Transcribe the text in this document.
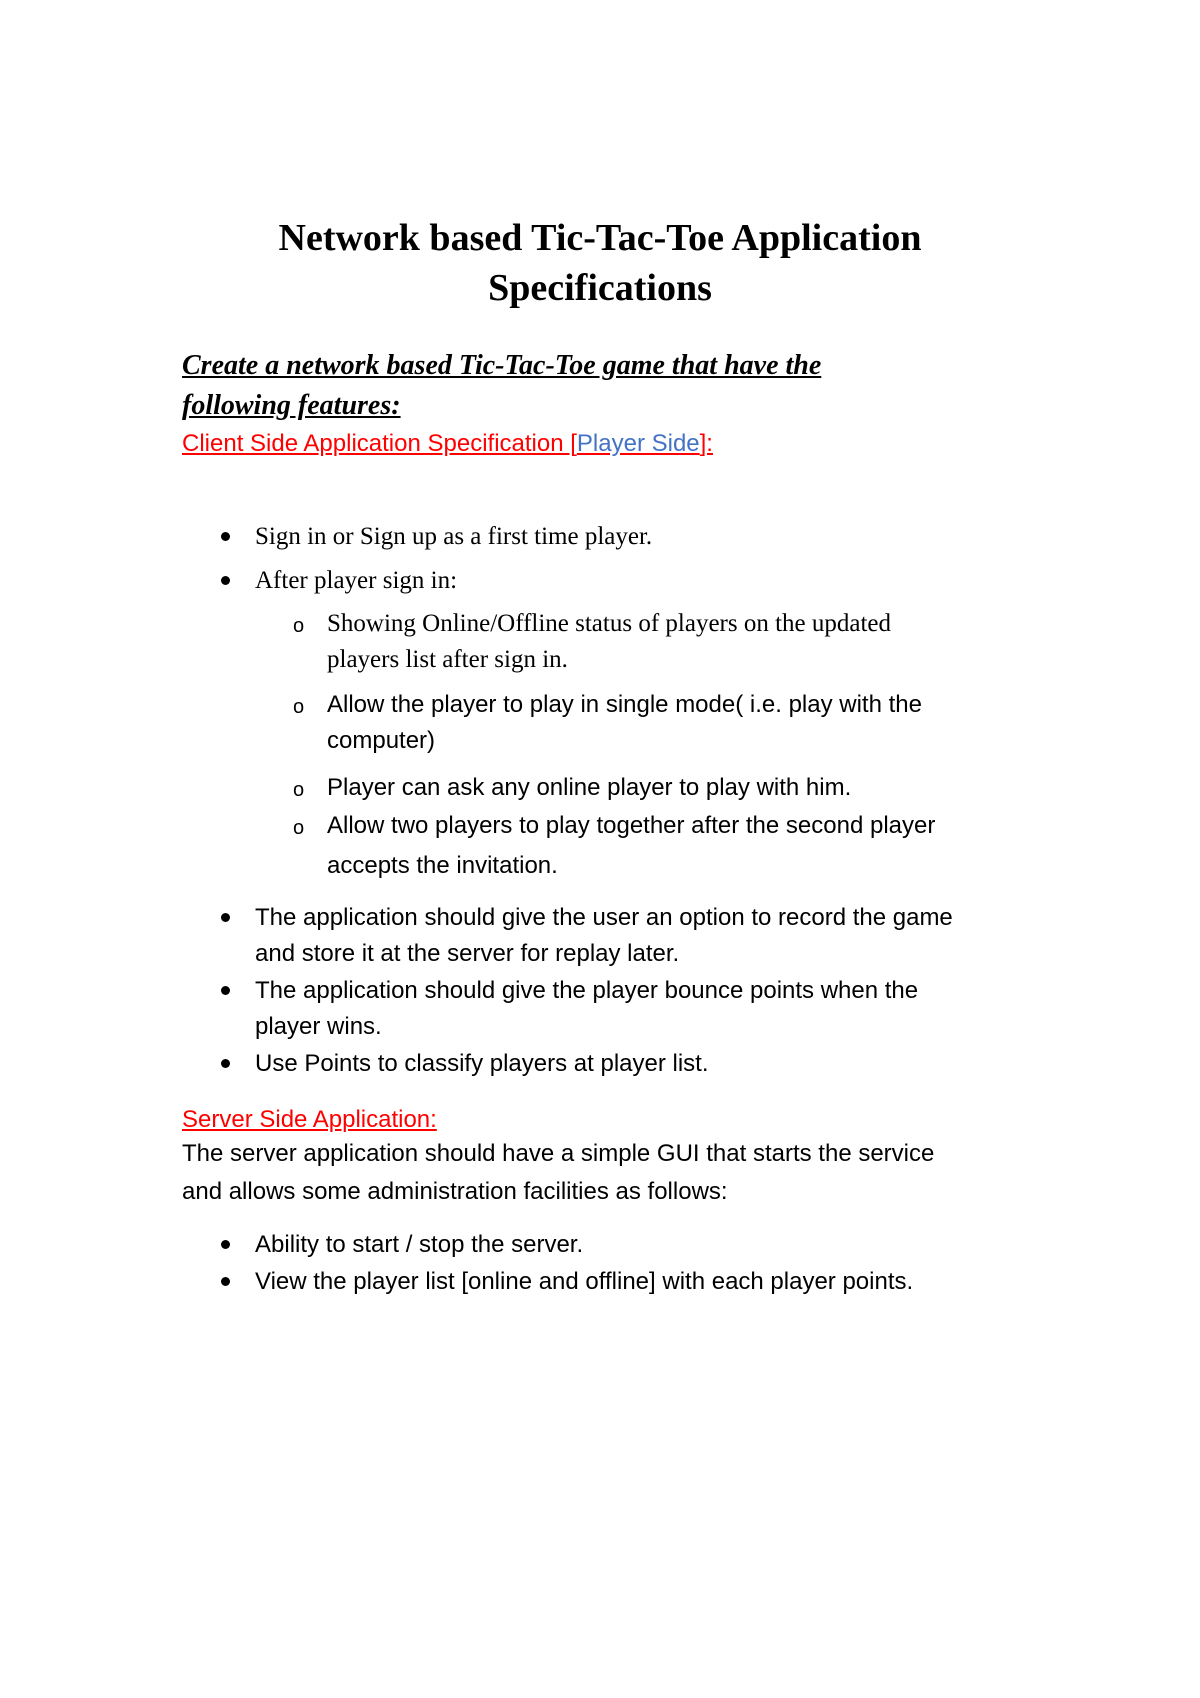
Network based Tic-Tac-Toe Application
Specifications

Create a network based Tic-Tac-Toe game that have the

following features:

Client Side Application Specification [Player Side]:

Sign in or Sign up as a first time player.

After player sign in:

o Showing Online/Offline status of players on the updated

players list after sign in.

o Allow the player to play in single mode( i.e. play with the

computer)

o Player can ask any online player to play with him.

o Allow two players to play together after the second player

accepts the invitation.

The application should give the user an option to record the game

and store it at the server for replay later.

The application should give the player bounce points when the

player wins.

Use Points to classify players at player list.

Server Side Application:

The server application should have a simple GUI that starts the service

and allows some administration facilities as follows:

Ability to start / stop the server.

View the player list [online and offline] with each player points.
